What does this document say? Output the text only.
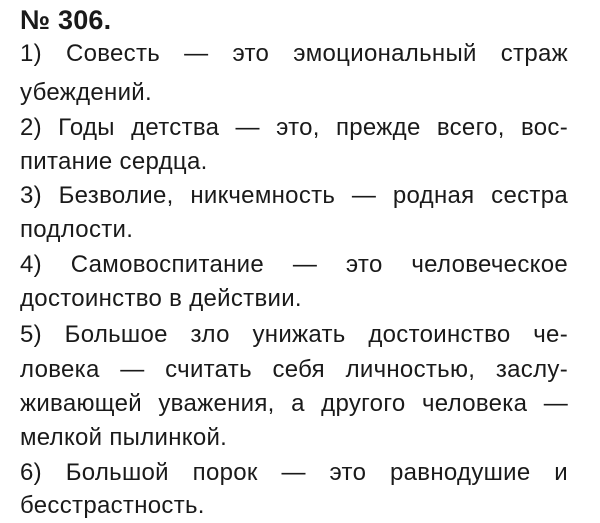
№ 306.
1) Совесть — это эмоциональный страж
убеждений.
2) Годы детства — это, прежде всего, вос-
питание сердца.
3) Безволие, никчемность — родная сестра
подлости.
4) Самовоспитание — это человеческое
достоинство в действии.
5) Большое зло унижать достоинство че-
ловека — считать себя личностью, заслу-
живающей уважения, а другого человека —
мелкой пылинкой.
6) Большой порок — это равнодушие и
бесстрастность.
